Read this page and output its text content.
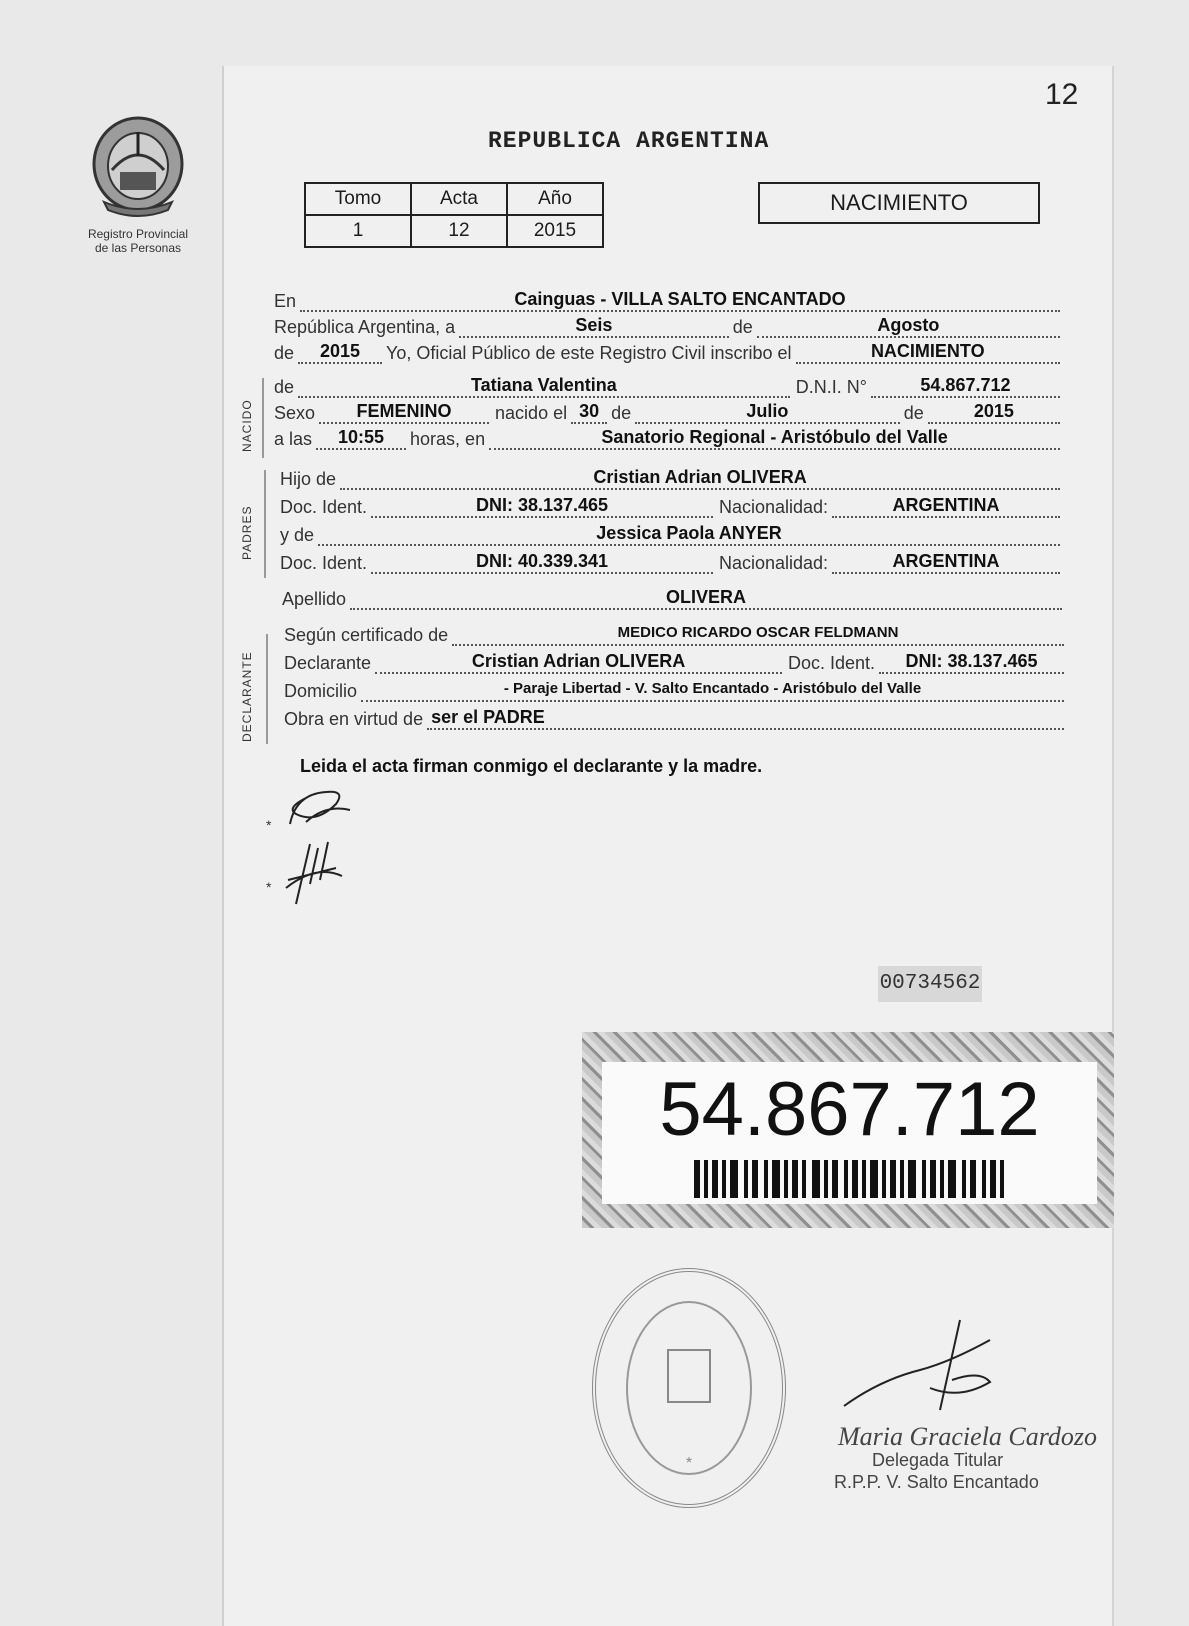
12
Registro Provincial
de las Personas
REPUBLICA ARGENTINA
Tomo	Acta	Año
1	12	2015
NACIMIENTO
En	Cainguas - VILLA SALTO ENCANTADO
República Argentina, a	Seis	de	Agosto
de	2015	Yo, Oficial Público de este Registro Civil inscribo el	NACIMIENTO
NACIDO
de	Tatiana Valentina	D.N.I. N°	54.867.712
Sexo	FEMENINO	nacido el 30 de	Julio	de	2015
a las	10:55	horas, en	Sanatorio Regional - Aristóbulo del Valle
PADRES
Hijo de	Cristian Adrian OLIVERA
Doc. Ident.	DNI: 38.137.465	Nacionalidad:	ARGENTINA
y de	Jessica Paola ANYER
Doc. Ident.	DNI: 40.339.341	Nacionalidad:	ARGENTINA
Apellido	OLIVERA
DECLARANTE
Según certificado de	MEDICO RICARDO OSCAR FELDMANN
Declarante	Cristian Adrian OLIVERA	Doc. Ident.	DNI: 38.137.465
Domicilio	- Paraje Libertad - V. Salto Encantado - Aristóbulo del Valle
Obra en virtud de ser el PADRE
Leida el acta firman conmigo el declarante y la madre.
*
*
00734562
54.867.712
*
Maria Graciela Cardozo
Delegada Titular
R.P.P. V. Salto Encantado
